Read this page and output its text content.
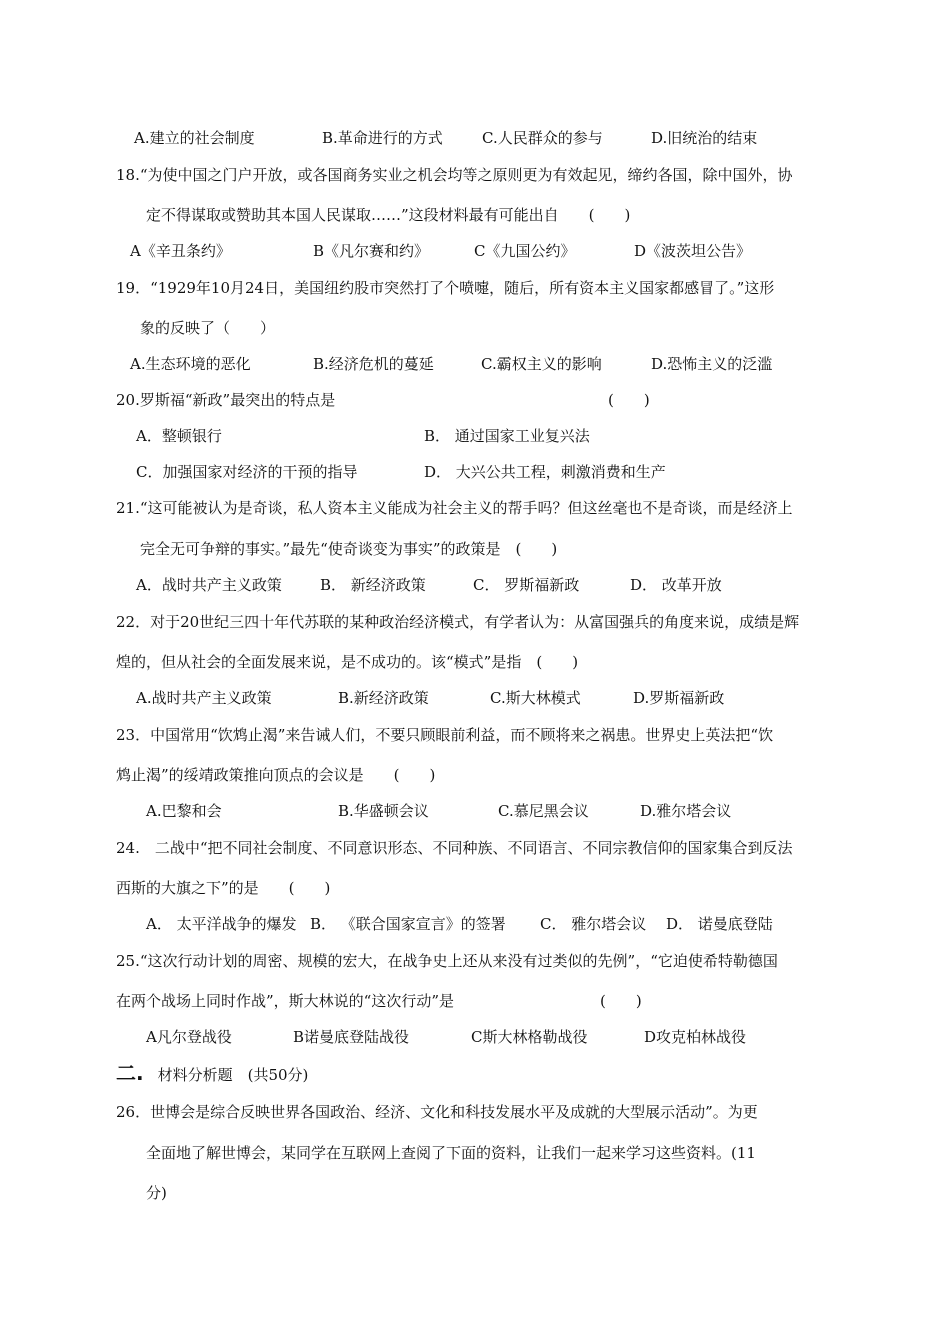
A.建立的社会制度	B.革命进行的方式	C.人民群众的参与	D.旧统治的结束
18.“为使中国之门户开放，或各国商务实业之机会均等之原则更为有效起见，缔约各国，除中国外，协
定不得谋取或赞助其本国人民谋取……”这段材料最有可能出自　　(　　)
A《辛丑条约》	B《凡尔赛和约》	C《九国公约》	D《波茨坦公告》
19．“1929年10月24日，美国纽约股市突然打了个喷嚏，随后，所有资本主义国家都感冒了。”这形
象的反映了（　　）
A.生态环境的恶化	B.经济危机的蔓延	C.霸权主义的影响	D.恐怖主义的泛滥
20.罗斯福“新政”最突出的特点是	(　　)
A．整顿银行	B． 通过国家工业复兴法
C．加强国家对经济的干预的指导	D． 大兴公共工程，刺激消费和生产
21.“这可能被认为是奇谈，私人资本主义能成为社会主义的帮手吗？但这丝毫也不是奇谈，而是经济上
完全无可争辩的事实。”最先“使奇谈变为事实”的政策是　(　　)
A．战时共产主义政策	B． 新经济政策	C． 罗斯福新政	D． 改革开放
22．对于20世纪三四十年代苏联的某种政治经济模式，有学者认为：从富国强兵的角度来说，成绩是辉
煌的，但从社会的全面发展来说，是不成功的。该“模式”是指　(　　)
A.战时共产主义政策	B.新经济政策	C.斯大林模式	D.罗斯福新政
23．中国常用“饮鸩止渴”来告诫人们，不要只顾眼前利益，而不顾将来之祸患。世界史上英法把“饮
鸩止渴”的绥靖政策推向顶点的会议是　　(　　)
A.巴黎和会	B.华盛顿会议	C.慕尼黑会议	D.雅尔塔会议
24.　二战中“把不同社会制度、不同意识形态、不同种族、不同语言、不同宗教信仰的国家集合到反法
西斯的大旗之下”的是　　(　　)
A． 太平洋战争的爆发 B． 《联合国家宣言》的签署 C． 雅尔塔会议 D． 诺曼底登陆
25.“这次行动计划的周密、规模的宏大，在战争史上还从来没有过类似的先例”，“它迫使希特勒德国
在两个战场上同时作战”，斯大林说的“这次行动”是	(　　)
A凡尔登战役	B诺曼底登陆战役	C斯大林格勒战役	D攻克柏林战役
二. 材料分析题　(共50分)
26．世博会是综合反映世界各国政治、经济、文化和科技发展水平及成就的大型展示活动”。为更
全面地了解世博会，某同学在互联网上查阅了下面的资料，让我们一起来学习这些资料。(11
分)
